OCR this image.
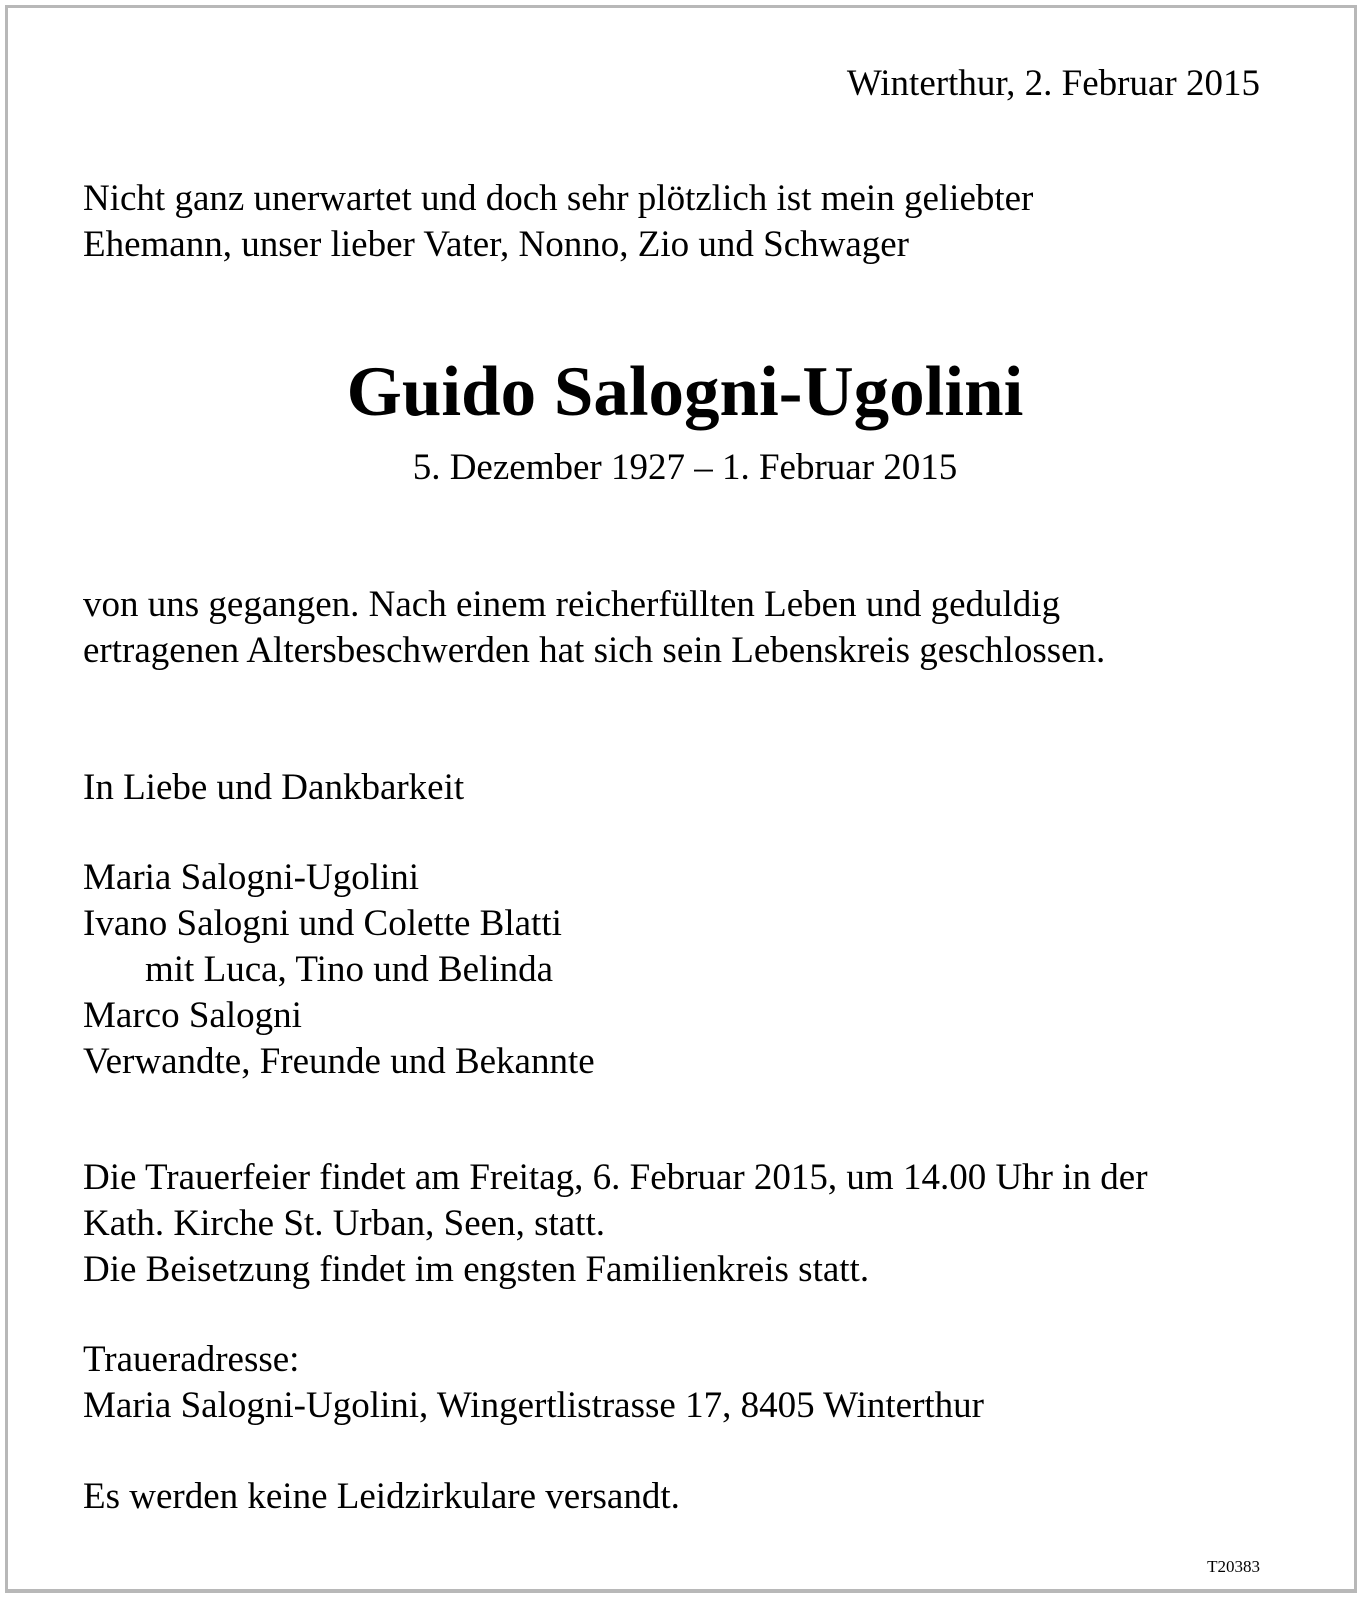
Winterthur, 2. Februar 2015

Nicht ganz unerwartet und doch sehr plötzlich ist mein geliebter
Ehemann, unser lieber Vater, Nonno, Zio und Schwager
Guido Salogni-Ugolini

5. Dezember 1927 – 1. Februar 2015

von uns gegangen. Nach einem reicherfüllten Leben und geduldig
ertragenen Altersbeschwerden hat sich sein Lebenskreis geschlossen.

In Liebe und Dankbarkeit

Maria Salogni-Ugolini
Ivano Salogni und Colette Blatti
mit Luca, Tino und Belinda
Marco Salogni
Verwandte, Freunde und Bekannte
Die Trauerfeier findet am Freitag, 6. Februar 2015, um 14.00 Uhr in der
Kath. Kirche St. Urban, Seen, statt.
Die Beisetzung findet im engsten Familienkreis statt.
Traueradresse:
Maria Salogni-Ugolini, Wingertlistrasse 17, 8405 Winterthur

Es werden keine Leidzirkulare versandt.

T20383
